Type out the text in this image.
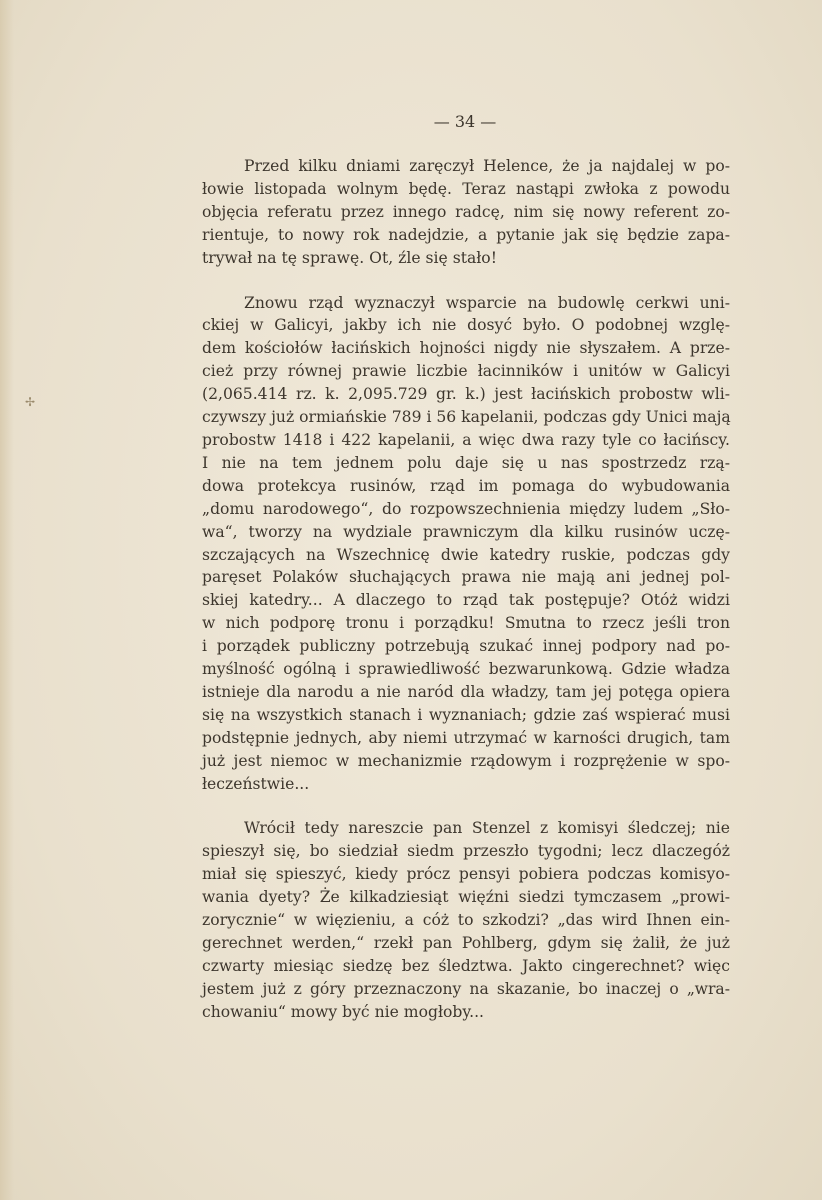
✢
— 34 —
Przed kilku dniami zaręczył Helence, że ja najdalej w po-
łowie listopada wolnym będę. Teraz nastąpi zwłoka z powodu
objęcia referatu przez innego radcę, nim się nowy referent zo-
rientuje, to nowy rok nadejdzie, a pytanie jak się będzie zapa-
trywał na tę sprawę. Ot, źle się stało!
Znowu rząd wyznaczył wsparcie na budowlę cerkwi uni-
ckiej w Galicyi, jakby ich nie dosyć było. O podobnej wzglę-
dem kościołów łacińskich hojności nigdy nie słyszałem. A prze-
cież przy równej prawie liczbie łacinników i unitów w Galicyi
(2,065.414 rz. k. 2,095.729 gr. k.) jest łacińskich probostw wli-
czywszy już ormiańskie 789 i 56 kapelanii, podczas gdy Unici mają
probostw 1418 i 422 kapelanii, a więc dwa razy tyle co łacińscy.
I nie na tem jednem polu daje się u nas spostrzedz rzą-
dowa protekcya rusinów, rząd im pomaga do wybudowania
„domu narodowego“, do rozpowszechnienia między ludem „Sło-
wa“, tworzy na wydziale prawniczym dla kilku rusinów uczę-
szczających na Wszechnicę dwie katedry ruskie, podczas gdy
paręset Polaków słuchających prawa nie mają ani jednej pol-
skiej katedry... A dlaczego to rząd tak postępuje? Otóż widzi
w nich podporę tronu i porządku! Smutna to rzecz jeśli tron
i porządek publiczny potrzebują szukać innej podpory nad po-
myślność ogólną i sprawiedliwość bezwarunkową. Gdzie władza
istnieje dla narodu a nie naród dla władzy, tam jej potęga opiera
się na wszystkich stanach i wyznaniach; gdzie zaś wspierać musi
podstępnie jednych, aby niemi utrzymać w karności drugich, tam
już jest niemoc w mechanizmie rządowym i rozprężenie w spo-
łeczeństwie...
Wrócił tedy nareszcie pan Stenzel z komisyi śledczej; nie
spieszył się, bo siedział siedm przeszło tygodni; lecz dlaczegóż
miał się spieszyć, kiedy prócz pensyi pobiera podczas komisyo-
wania dyety? Że kilkadziesiąt więźni siedzi tymczasem „prowi-
zorycznie“ w więzieniu, a cóż to szkodzi? „das wird Ihnen ein-
gerechnet werden,“ rzekł pan Pohlberg, gdym się żalił, że już
czwarty miesiąc siedzę bez śledztwa. Jakto cingerechnet? więc
jestem już z góry przeznaczony na skazanie, bo inaczej o „wra-
chowaniu“ mowy być nie mogłoby...
